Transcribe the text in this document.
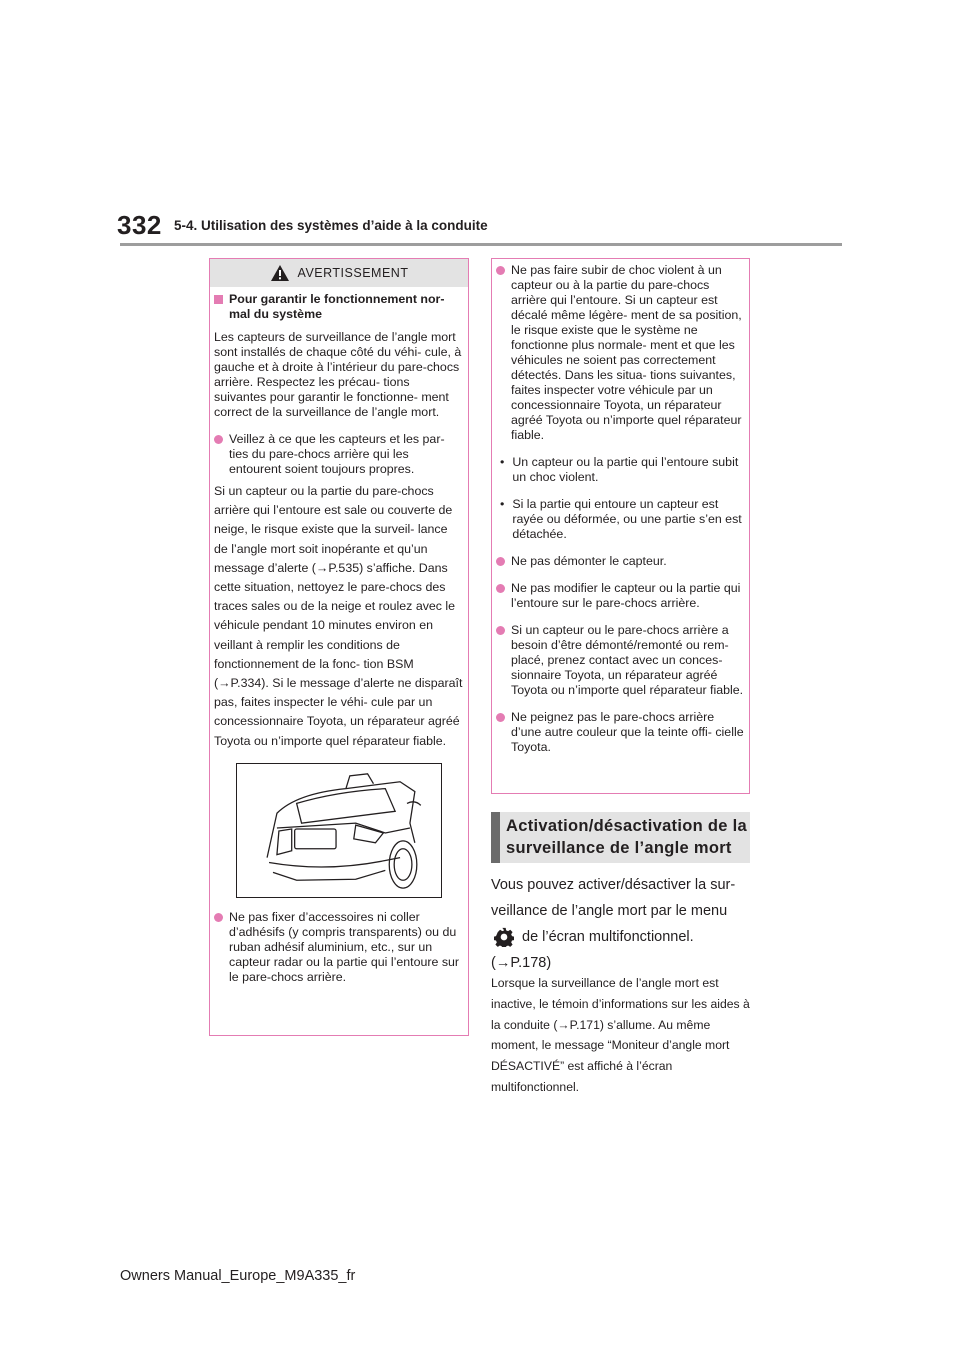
332 5-4. Utilisation des systèmes d’aide à la conduite
AVERTISSEMENT
Pour garantir le fonctionnement nor- mal du système

Les capteurs de surveillance de l’angle mort sont installés de chaque côté du véhi- cule, à gauche et à droite à l’intérieur du pare-chocs arrière. Respectez les précau- tions suivantes pour garantir le fonctionne- ment correct de la surveillance de l’angle mort.

Veillez à ce que les capteurs et les par- ties du pare-chocs arrière qui les entourent soient toujours propres.

Si un capteur ou la partie du pare-chocs arrière qui l’entoure est sale ou couverte de neige, le risque existe que la surveil- lance de l’angle mort soit inopérante et qu’un message d’alerte (→P.535) s’affiche. Dans cette situation, nettoyez le pare-chocs des traces sales ou de la neige et roulez avec le véhicule pendant 10 minutes environ en veillant à remplir les conditions de fonctionnement de la fonc- tion BSM (→P.334). Si le message d’alerte ne disparaît pas, faites inspecter le véhi- cule par un concessionnaire Toyota, un réparateur agréé Toyota ou n’importe quel réparateur fiable.

Ne pas fixer d’accessoires ni coller d’adhésifs (y compris transparents) ou du ruban adhésif aluminium, etc., sur un capteur radar ou la partie qui l’entoure sur le pare-chocs arrière.
Ne pas faire subir de choc violent à un capteur ou à la partie du pare-chocs arrière qui l’entoure. Si un capteur est décalé même légère- ment de sa position, le risque existe que le système ne fonctionne plus normale- ment et que les véhicules ne soient pas correctement détectés. Dans les situa- tions suivantes, faites inspecter votre véhicule par un concessionnaire Toyota, un réparateur agréé Toyota ou n’importe quel réparateur fiable.
• Un capteur ou la partie qui l’entoure subit un choc violent.
• Si la partie qui entoure un capteur est rayée ou déformée, ou une partie s’en est détachée.
Ne pas démonter le capteur.
Ne pas modifier le capteur ou la partie qui l’entoure sur le pare-chocs arrière.
Si un capteur ou le pare-chocs arrière a besoin d’être démonté/remonté ou rem- placé, prenez contact avec un conces- sionnaire Toyota, un réparateur agréé Toyota ou n’importe quel réparateur fiable.
Ne peignez pas le pare-chocs arrière d’une autre couleur que la teinte offi- cielle Toyota.
Activation/désactivation de la surveillance de l’angle mort

Vous pouvez activer/désactiver la sur- veillance de l’angle mort par le menu

de l’écran multifonctionnel.

(→P.178)

Lorsque la surveillance de l’angle mort est inactive, le témoin d’informations sur les aides à la conduite (→P.171) s’allume. Au même moment, le message “Moniteur d’angle mort DÉSACTIVÉ” est affiché à l’écran multifonctionnel.

Owners Manual_Europe_M9A335_fr
